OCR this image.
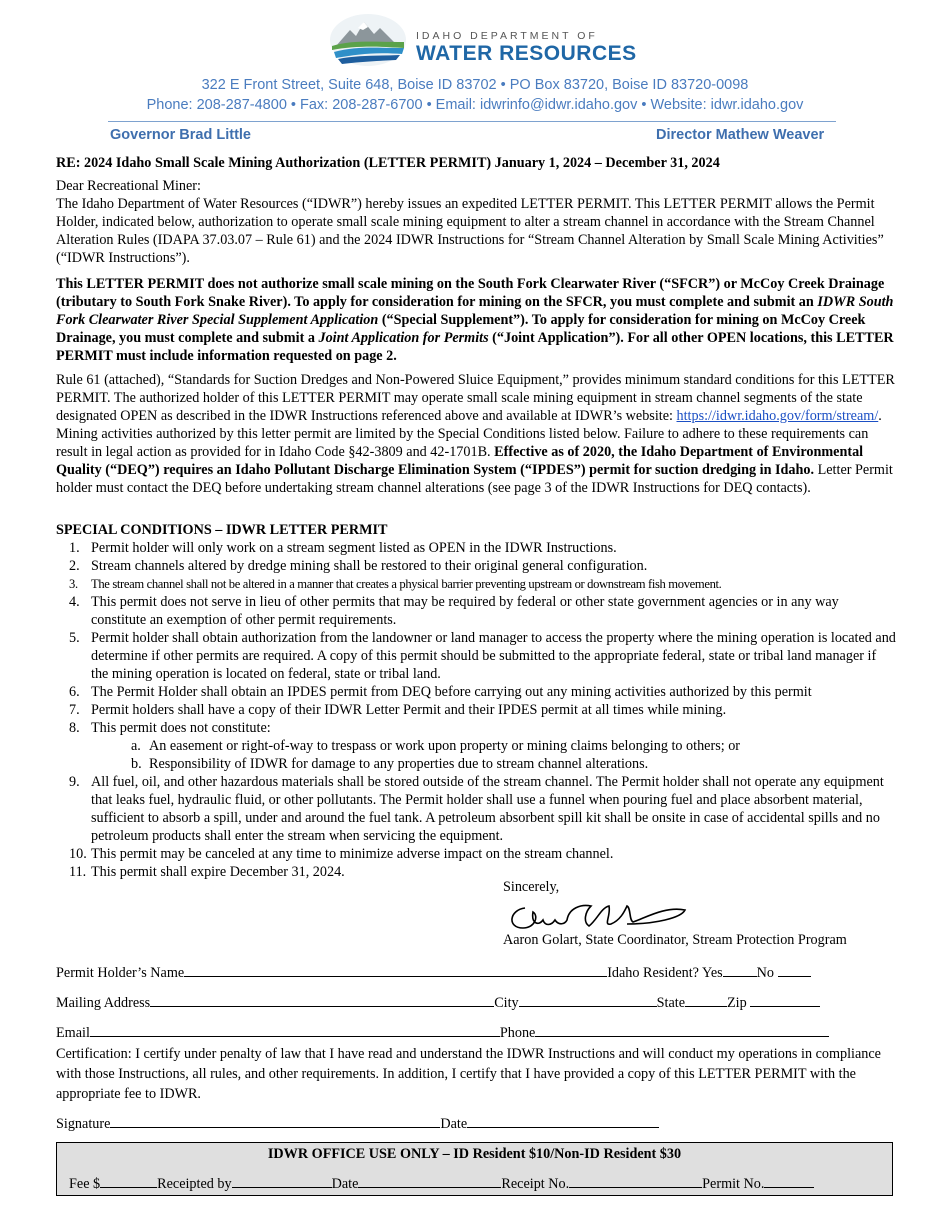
IDAHO DEPARTMENT OF
WATER RESOURCES
322 E Front Street, Suite 648, Boise ID 83702 • PO Box 83720, Boise ID 83720-0098
Phone: 208-287-4800 • Fax: 208-287-6700 • Email: idwrinfo@idwr.idaho.gov • Website: idwr.idaho.gov
Governor Brad Little	Director Mathew Weaver
RE: 2024 Idaho Small Scale Mining Authorization (LETTER PERMIT) January 1, 2024 – December 31, 2024

Dear Recreational Miner:

The Idaho Department of Water Resources (“IDWR”) hereby issues an expedited LETTER PERMIT. This LETTER PERMIT allows the Permit Holder, indicated below, authorization to operate small scale mining equipment to alter a stream channel in accordance with the Stream Channel Alteration Rules (IDAPA 37.03.07 – Rule 61) and the 2024 IDWR Instructions for “Stream Channel Alteration by Small Scale Mining Activities” (“IDWR Instructions”).

This LETTER PERMIT does not authorize small scale mining on the South Fork Clearwater River (“SFCR”) or McCoy Creek Drainage (tributary to South Fork Snake River). To apply for consideration for mining on the SFCR, you must complete and submit an IDWR South Fork Clearwater River Special Supplement Application (“Special Supplement”). To apply for consideration for mining on McCoy Creek Drainage, you must complete and submit a Joint Application for Permits (“Joint Application”). For all other OPEN locations, this LETTER PERMIT must include information requested on page 2.
Rule 61 (attached), “Standards for Suction Dredges and Non-Powered Sluice Equipment,” provides minimum standard conditions for this LETTER PERMIT. The authorized holder of this LETTER PERMIT may operate small scale mining equipment in stream channel segments of the state designated OPEN as described in the IDWR Instructions referenced above and available at IDWR’s website: https://idwr.idaho.gov/form/stream/. Mining activities authorized by this letter permit are limited by the Special Conditions listed below. Failure to adhere to these requirements can result in legal action as provided for in Idaho Code §42-3809 and 42-1701B. Effective as of 2020, the Idaho Department of Environmental Quality (“DEQ”) requires an Idaho Pollutant Discharge Elimination System (“IPDES”) permit for suction dredging in Idaho. Letter Permit holder must contact the DEQ before undertaking stream channel alterations (see page 3 of the IDWR Instructions for DEQ contacts).

SPECIAL CONDITIONS – IDWR LETTER PERMIT

1. Permit holder will only work on a stream segment listed as OPEN in the IDWR Instructions.
2. Stream channels altered by dredge mining shall be restored to their original general configuration.
3. The stream channel shall not be altered in a manner that creates a physical barrier preventing upstream or downstream fish movement.
4. This permit does not serve in lieu of other permits that may be required by federal or other state government agencies or in any way constitute an exemption of other permit requirements.
5. Permit holder shall obtain authorization from the landowner or land manager to access the property where the mining operation is located and determine if other permits are required. A copy of this permit should be submitted to the appropriate federal, state or tribal land manager if the mining operation is located on federal, state or tribal land.
6. The Permit Holder shall obtain an IPDES permit from DEQ before carrying out any mining activities authorized by this permit
7. Permit holders shall have a copy of their IDWR Letter Permit and their IPDES permit at all times while mining.
8. This permit does not constitute:
a. An easement or right-of-way to trespass or work upon property or mining claims belonging to others; or
b. Responsibility of IDWR for damage to any properties due to stream channel alterations.
9. All fuel, oil, and other hazardous materials shall be stored outside of the stream channel. The Permit holder shall not operate any equipment that leaks fuel, hydraulic fluid, or other pollutants. The Permit holder shall use a funnel when pouring fuel and place absorbent material, sufficient to absorb a spill, under and around the fuel tank. A petroleum absorbent spill kit shall be onsite in case of accidental spills and no petroleum products shall enter the stream when servicing the equipment.
10. This permit may be canceled at any time to minimize adverse impact on the stream channel.
11. This permit shall expire December 31, 2024.
Sincerely,
Aaron Golart, State Coordinator, Stream Protection Program
Permit Holder’s Name	Idaho Resident? Yes No
Mailing Address	City	State	Zip
Email	Phone
Certification: I certify under penalty of law that I have read and understand the IDWR Instructions and will conduct my operations in compliance with those Instructions, all rules, and other requirements. In addition, I certify that I have provided a copy of this LETTER PERMIT with the appropriate fee to IDWR.
Signature	Date
IDWR OFFICE USE ONLY – ID Resident $10/Non-ID Resident $30
Fee $	Receipted by	Date	Receipt No.	Permit No.
